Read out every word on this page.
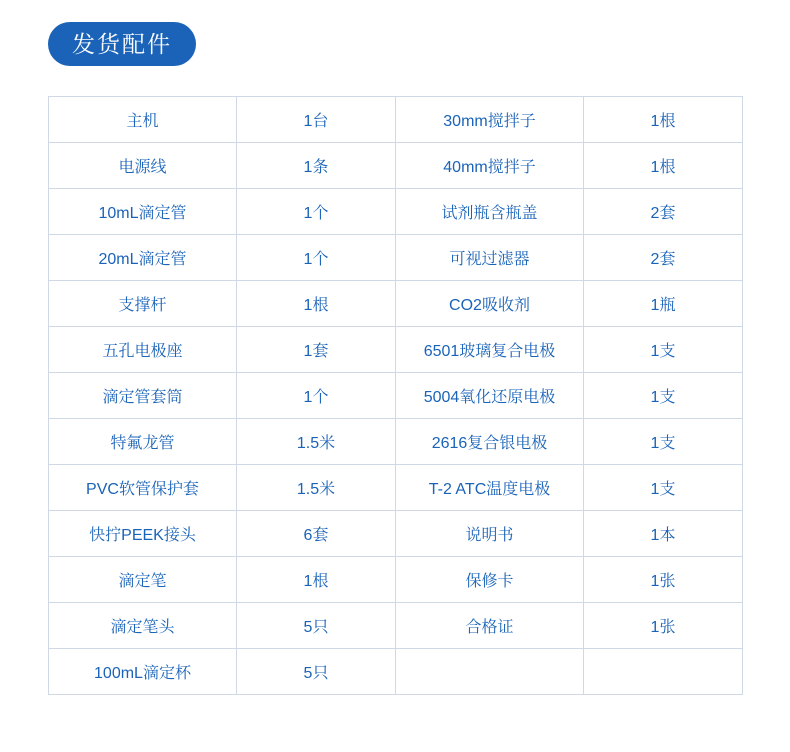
发货配件
主机	1台	30mm搅拌子	1根
电源线	1条	40mm搅拌子	1根
10mL滴定管	1个	试剂瓶含瓶盖	2套
20mL滴定管	1个	可视过滤器	2套
支撑杆	1根	CO2吸收剂	1瓶
五孔电极座	1套	6501玻璃复合电极	1支
滴定管套筒	1个	5004氧化还原电极	1支
特氟龙管	1.5米	2616复合银电极	1支
PVC软管保护套	1.5米	T-2 ATC温度电极	1支
快拧PEEK接头	6套	说明书	1本
滴定笔	1根	保修卡	1张
滴定笔头	5只	合格证	1张
100mL滴定杯	5只		
